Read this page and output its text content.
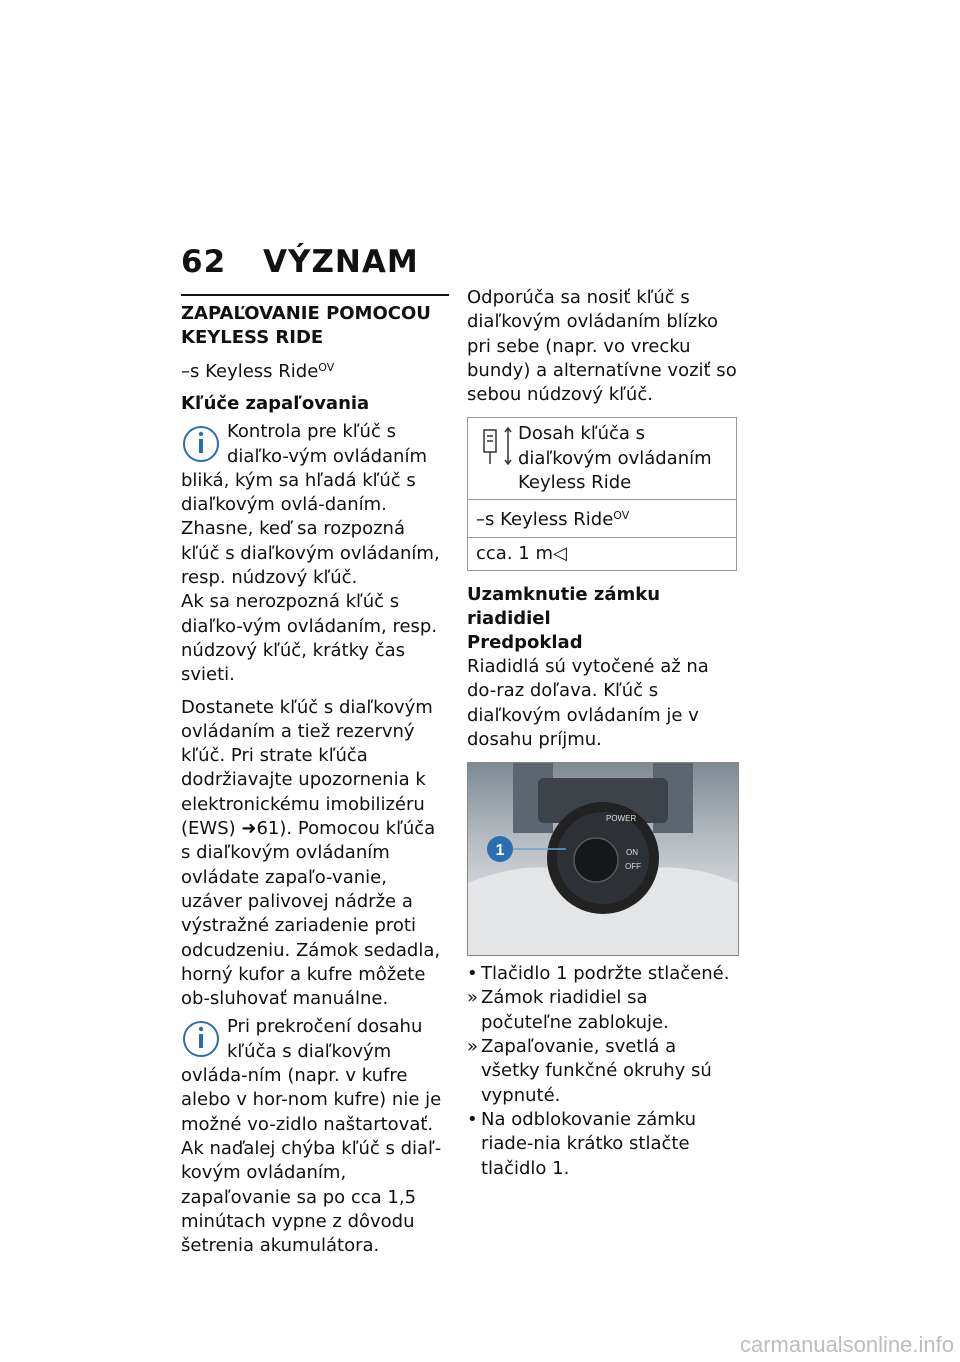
62 VÝZNAM
ZAPAĽOVANIE POMOCOU KEYLESS RIDE
–s Keyless Ride$^{OV}$
Kľúče zapaľovania

Kontrola pre kľúč s diaľko-vým ovládaním bliká, kým sa hľadá kľúč s diaľkovým ovlá-daním.

Zhasne, keď sa rozpozná kľúč s diaľkovým ovládaním, resp. núdzový kľúč.

Ak sa nerozpozná kľúč s diaľko-vým ovládaním, resp. núdzový kľúč, krátky čas svieti.

Dostanete kľúč s diaľkovým ovládaním a tiež rezervný kľúč. Pri strate kľúča dodržiavajte upozornenia k elektronickému imobilizéru (EWS) ➜61). Pomocou kľúča s diaľkovým ovládaním ovládate zapaľo-vanie, uzáver palivovej nádrže a výstražné zariadenie proti odcudzeniu. Zámok sedadla, horný kufor a kufre môžete ob-sluhovať manuálne.

Pri prekročení dosahu kľúča s diaľkovým ovláda-ním (napr. v kufre alebo v hor-nom kufre) nie je možné vo-zidlo naštartovať.

Ak naďalej chýba kľúč s diaľ-kovým ovládaním, zapaľovanie sa po cca 1,5 minútach vypne z dôvodu šetrenia akumulátora.

Odporúča sa nosiť kľúč s diaľkovým ovládaním blízko pri sebe (napr. vo vrecku bundy) a alternatívne voziť so sebou núdzový kľúč.

Dosah kľúča s diaľkovým ovládaním Keyless Ride
–s Keyless Ride$^{OV}$
cca. 1 m◁
Uzamknutie zámku riadidiel
Predpoklad

Riadidlá sú vytočené až na do-raz doľava. Kľúč s diaľkovým ovládaním je v dosahu príjmu.

POWER
ON
OFF
1
• Tlačidlo 1 podržte stlačené.
» Zámok riadidiel sa počuteľne zablokuje.
» Zapaľovanie, svetlá a všetky funkčné okruhy sú vypnuté.
• Na odblokovanie zámku riade-nia krátko stlačte tlačidlo 1.
carmanualsonline.info
